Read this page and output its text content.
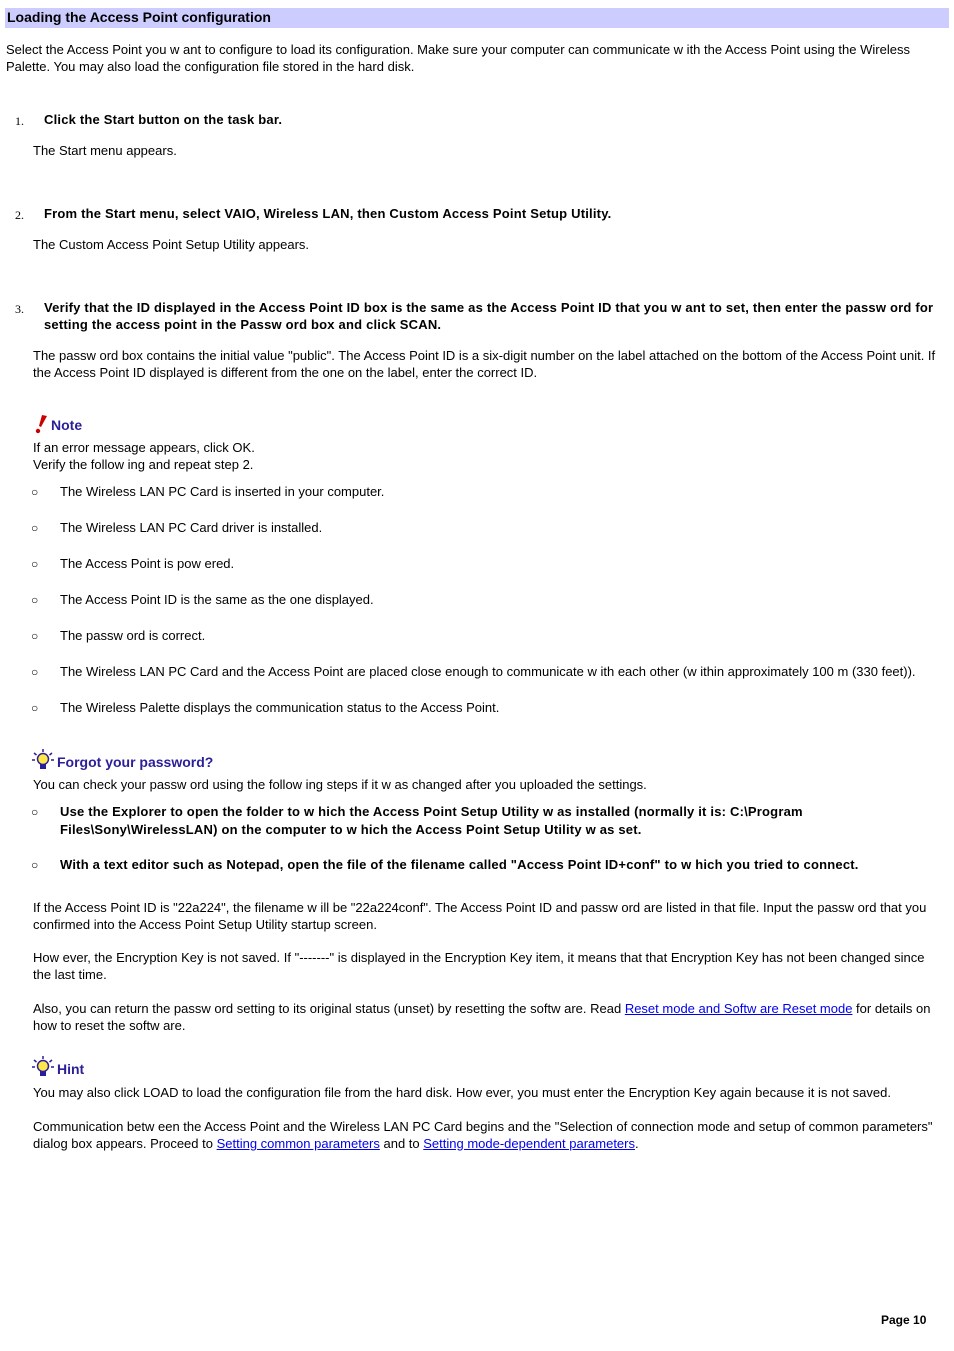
Loading the Access Point configuration
Select the Access Point you w ant to configure to load its configuration. Make sure your computer can communicate w ith the Access Point using the Wireless Palette. You may also load the configuration file stored in the hard disk.
1. Click the Start button on the task bar.
The Start menu appears.
2. From the Start menu, select VAIO, Wireless LAN, then Custom Access Point Setup Utility.
The Custom Access Point Setup Utility appears.
3. Verify that the ID displayed in the Access Point ID box is the same as the Access Point ID that you w ant to set, then enter the passw ord for setting the access point in the Passw ord box and click SCAN.
The passw ord box contains the initial value "public". The Access Point ID is a six-digit number on the label attached on the bottom of the Access Point unit. If the Access Point ID displayed is different from the one on the label, enter the correct ID.
Note
If an error message appears, click OK.
Verify the follow ing and repeat step 2.
○ The Wireless LAN PC Card is inserted in your computer.
○ The Wireless LAN PC Card driver is installed.
○ The Access Point is pow ered.
○ The Access Point ID is the same as the one displayed.
○ The passw ord is correct.
○ The Wireless LAN PC Card and the Access Point are placed close enough to communicate w ith each other (w ithin approximately 100 m (330 feet)).
○ The Wireless Palette displays the communication status to the Access Point.
Forgot your password?
You can check your passw ord using the follow ing steps if it w as changed after you uploaded the settings.
○ Use the Explorer to open the folder to w hich the Access Point Setup Utility w as installed (normally it is: C:\Program Files\Sony\WirelessLAN) on the computer to w hich the Access Point Setup Utility w as set.
○ With a text editor such as Notepad, open the file of the filename called "Access Point ID+conf" to w hich you tried to connect.
If the Access Point ID is "22a224", the filename w ill be "22a224conf". The Access Point ID and passw ord are listed in that file. Input the passw ord that you confirmed into the Access Point Setup Utility startup screen.
How ever, the Encryption Key is not saved. If "-------" is displayed in the Encryption Key item, it means that that Encryption Key has not been changed since the last time.
Also, you can return the passw ord setting to its original status (unset) by resetting the softw are. Read Reset mode and Softw are Reset mode for details on how to reset the softw are.
Hint
You may also click LOAD to load the configuration file from the hard disk. How ever, you must enter the Encryption Key again because it is not saved.
Communication betw een the Access Point and the Wireless LAN PC Card begins and the "Selection of connection mode and setup of common parameters" dialog box appears. Proceed to Setting common parameters and to Setting mode-dependent parameters.
Page 10
